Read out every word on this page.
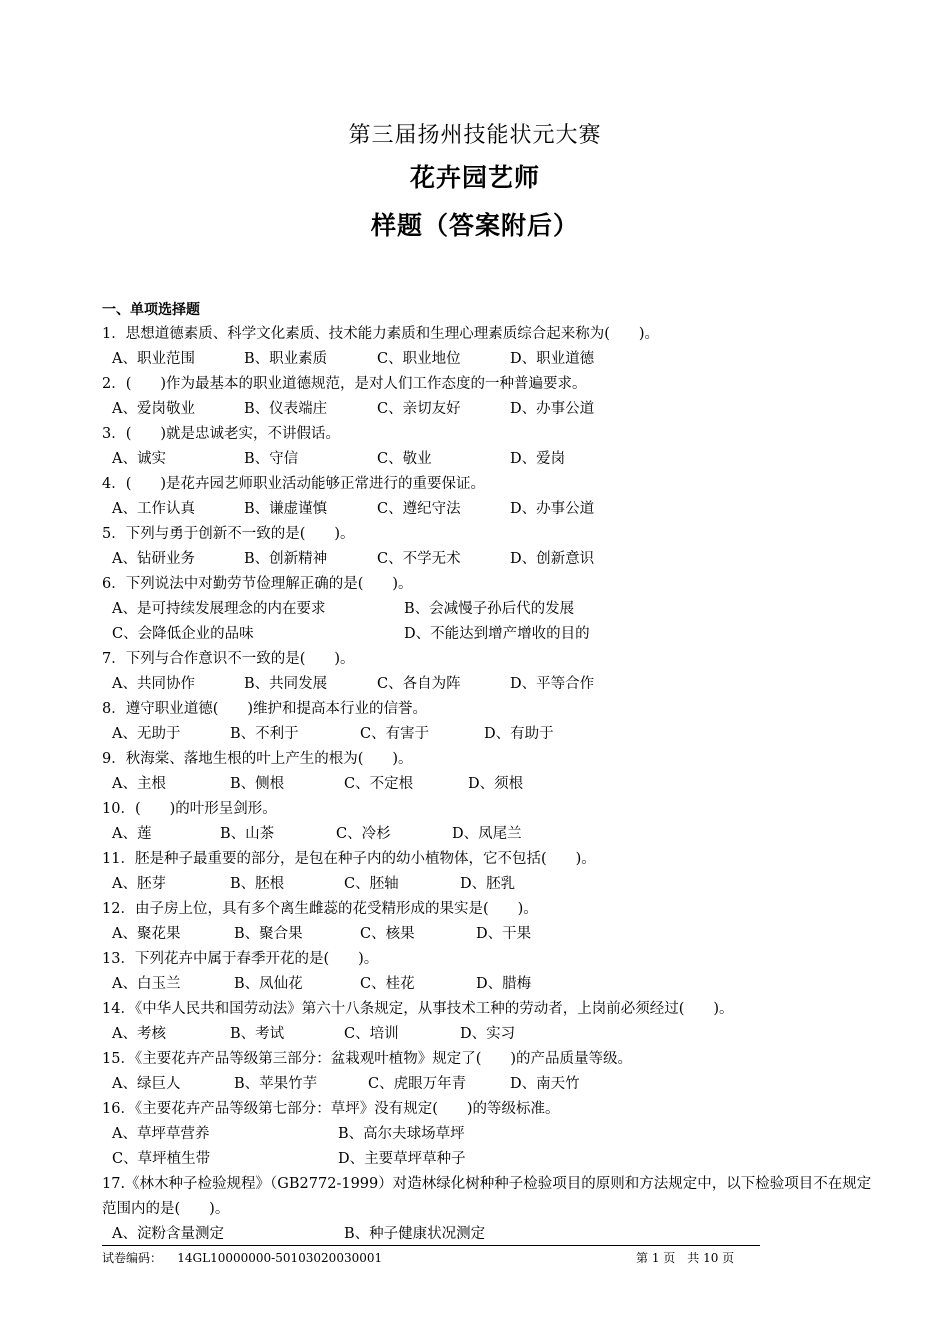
第三届扬州技能状元大赛
花卉园艺师
样题（答案附后）
一、单项选择题
1．思想道德素质、科学文化素质、技术能力素质和生理心理素质综合起来称为(　　)。
A、职业范围	B、职业素质	C、职业地位	D、职业道德
2．(　　)作为最基本的职业道德规范，是对人们工作态度的一种普遍要求。
A、爱岗敬业	B、仪表端庄	C、亲切友好	D、办事公道
3．(　　)就是忠诚老实，不讲假话。
A、诚实	B、守信	C、敬业	D、爱岗
4．(　　)是花卉园艺师职业活动能够正常进行的重要保证。
A、工作认真	B、谦虚谨慎	C、遵纪守法	D、办事公道
5．下列与勇于创新不一致的是(　　)。
A、钻研业务	B、创新精神	C、不学无术	D、创新意识
6．下列说法中对勤劳节俭理解正确的是(　　)。
A、是可持续发展理念的内在要求	B、会减慢子孙后代的发展
C、会降低企业的品味	D、不能达到增产增收的目的
7．下列与合作意识不一致的是(　　)。
A、共同协作	B、共同发展	C、各自为阵	D、平等合作
8．遵守职业道德(　　)维护和提高本行业的信誉。
A、无助于	B、不利于	C、有害于	D、有助于
9．秋海棠、落地生根的叶上产生的根为(　　)。
A、主根	B、侧根	C、不定根	D、须根
10．(　　)的叶形呈剑形。
A、莲	B、山茶	C、冷杉	D、凤尾兰
11．胚是种子最重要的部分，是包在种子内的幼小植物体，它不包括(　　)。
A、胚芽	B、胚根	C、胚轴	D、胚乳
12．由子房上位，具有多个离生雌蕊的花受精形成的果实是(　　)。
A、聚花果	B、聚合果	C、核果	D、干果
13．下列花卉中属于春季开花的是(　　)。
A、白玉兰	B、凤仙花	C、桂花	D、腊梅
14．《中华人民共和国劳动法》第六十八条规定，从事技术工种的劳动者，上岗前必须经过(　　)。
A、考核	B、考试	C、培训	D、实习
15．《主要花卉产品等级第三部分：盆栽观叶植物》规定了(　　)的产品质量等级。
A、绿巨人	B、苹果竹芋	C、虎眼万年青	D、南天竹
16．《主要花卉产品等级第七部分：草坪》没有规定(　　)的等级标准。
A、草坪草营养	B、高尔夫球场草坪
C、草坪植生带	D、主要草坪草种子
17.《林木种子检验规程》（GB2772-1999）对造林绿化树种种子检验项目的原则和方法规定中，以下检验项目不在规定范围内的是(　　)。
A、淀粉含量测定	B、种子健康状况测定
试卷编码： 14GL10000000-50103020030001	第 1 页　共 10 页
